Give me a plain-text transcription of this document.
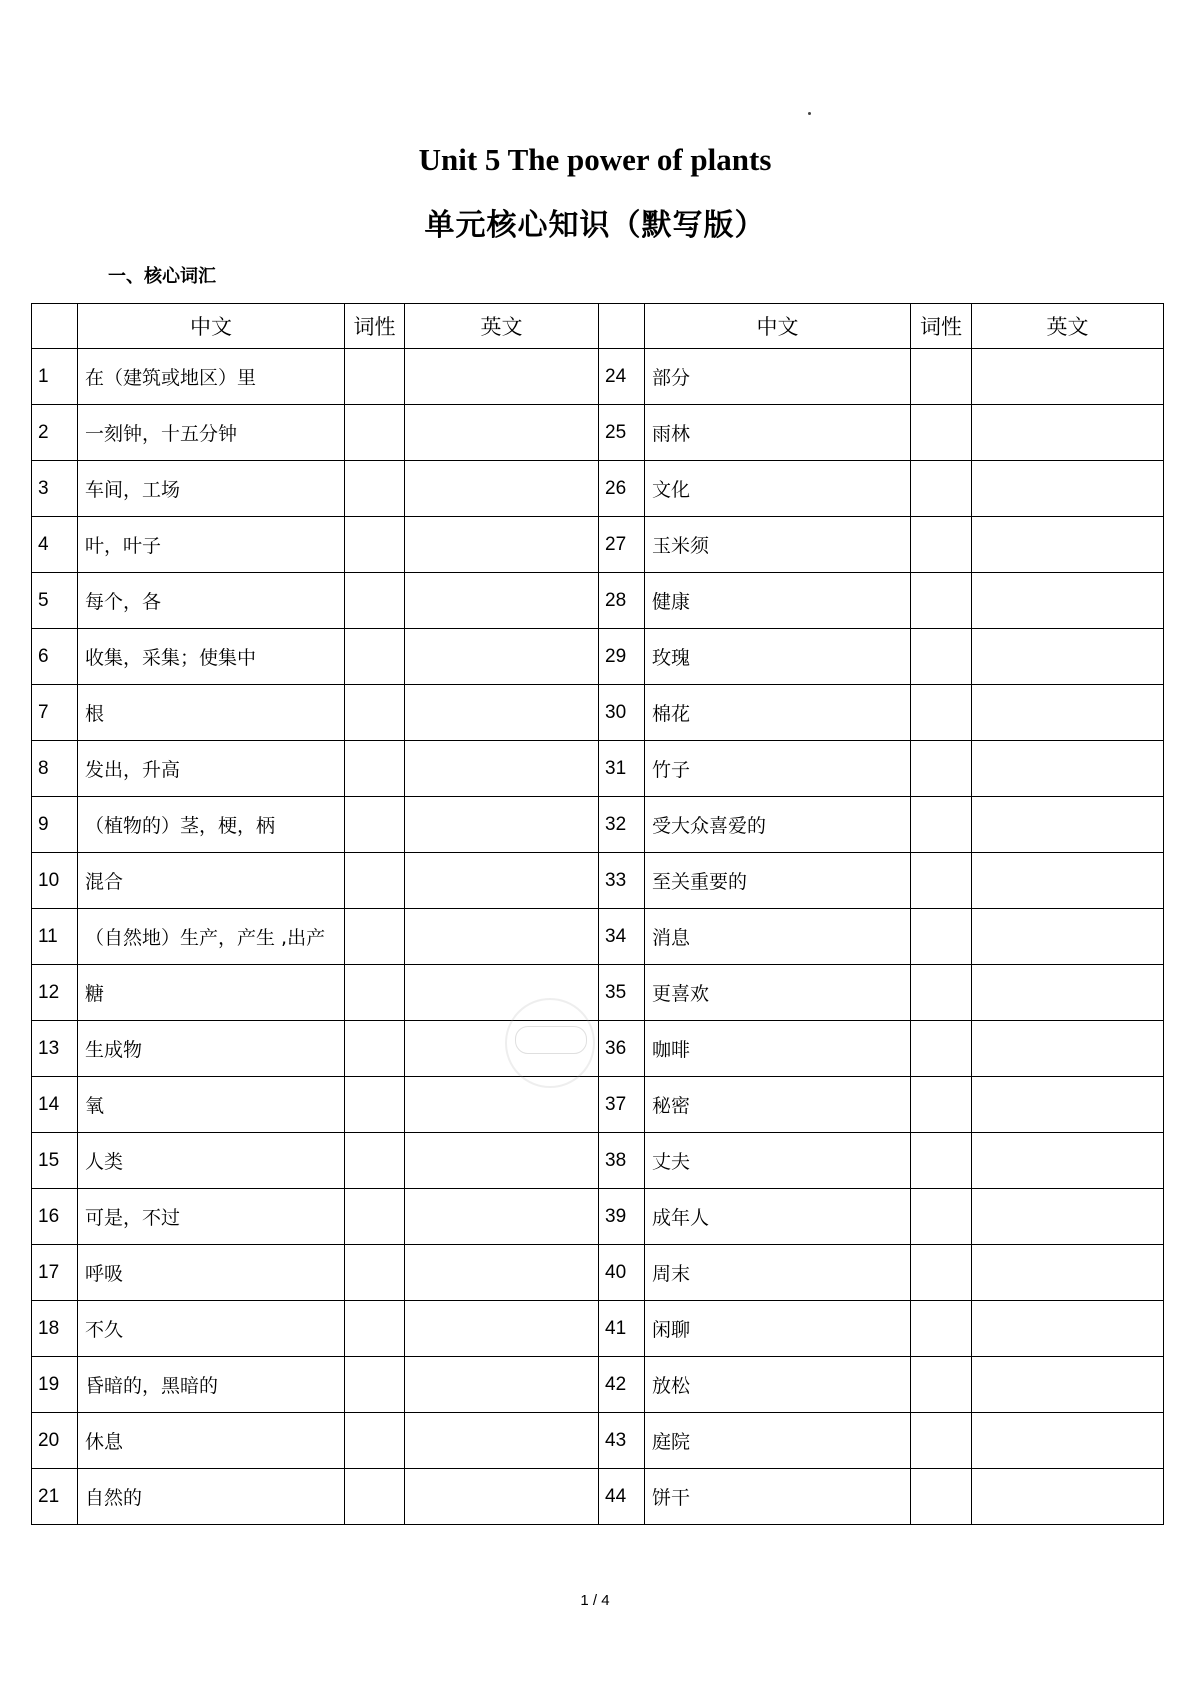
Unit 5 The power of plants
单元核心知识（默写版）
一、核心词汇
	中文	词性	英文		中文	词性	英文
1	在（建筑或地区）里			24	部分		
2	一刻钟，十五分钟			25	雨林		
3	车间，工场			26	文化		
4	叶，叶子			27	玉米须		
5	每个，各			28	健康		
6	收集，采集；使集中			29	玫瑰		
7	根			30	棉花		
8	发出，升高			31	竹子		
9	（植物的）茎，梗，柄			32	受大众喜爱的		
10	混合			33	至关重要的		
11	（自然地）生产，产生 ,出产			34	消息		
12	糖			35	更喜欢		
13	生成物			36	咖啡		
14	氧			37	秘密		
15	人类			38	丈夫		
16	可是，不过			39	成年人		
17	呼吸			40	周末		
18	不久			41	闲聊		
19	昏暗的，黑暗的			42	放松		
20	休息			43	庭院		
21	自然的			44	饼干		
1 / 4
